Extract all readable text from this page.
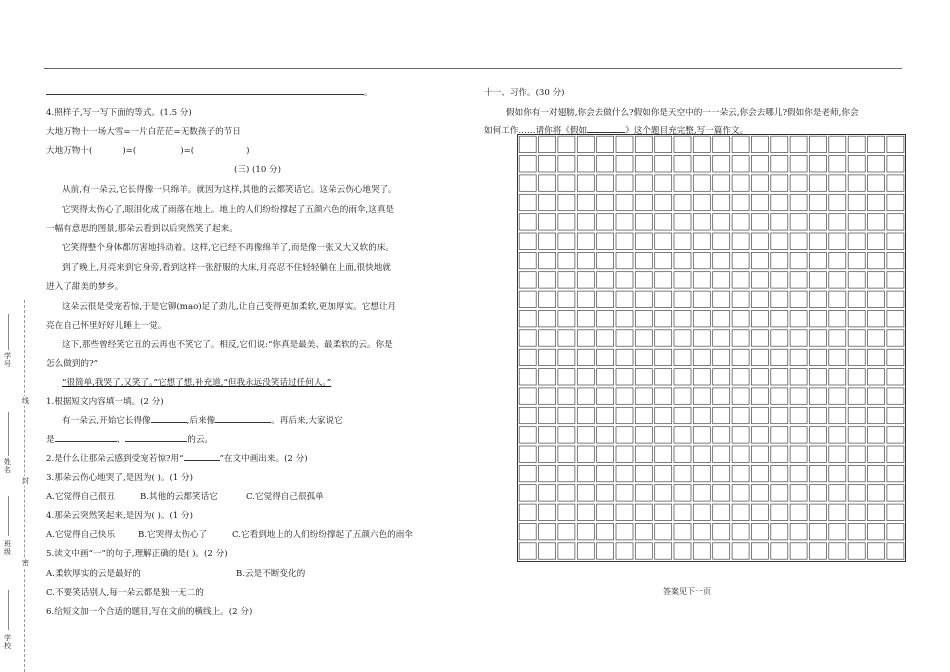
学号
姓名
班级
学校
线
封
密
。
4.照样子,写一写下面的等式。(1.5 分)
大地万物十一场大雪=一片白茫茫=无数孩子的节日
大地万物十(	)=(	)=(	)
(三) (10 分)
从前,有一朵云,它长得像一只绵羊。就因为这样,其他的云都笑话它。这朵云伤心地哭了。
它哭得太伤心了,眼泪化成了雨落在地上。地上的人们纷纷撑起了五颜六色的雨伞,这真是
一幅有意思的图景,那朵云看到以后突然笑了起来。
它笑得整个身体都厉害地抖动着。这样,它已经不再像绵羊了,而是像一张又大又软的床。
到了晚上,月亮来到它身旁,看到这样一张舒服的大床,月亮忍不住轻轻躺在上面,很快地就
进入了甜美的梦乡。
这朵云很是受宠若惊,于是它铆(mao)足了劲儿,让自己变得更加柔软,更加厚实。它想让月
亮在自己怀里好好儿睡上一觉。
这下,那些曾经笑它丑的云再也不笑它了。相反,它们说:“你真是最美、最柔软的云。你是
怎么做到的?”
“很简单,我哭了,又笑了。”它想了想,补充道,“但我永远没笑话过任何人。”
1.根据短文内容填一填。(2 分)
有一朵云,开始它长得像	,后来像	。再后来,大家说它
是	、	的云。
2.是什么让那朵云感到受宠若惊?用“	”在文中画出来。(2 分)
3.那朵云伤心地哭了,是因为( )。(1 分)
A.它觉得自己很丑	B.其他的云都笑话它	C.它觉得自己很孤单
4.那朵云突然笑起来,是因为( )。(1 分)
A.它觉得自己快乐	B.它哭得太伤心了	C.它看到地上的人们纷纷撑起了五颜六色的雨伞
5.读文中画“一”的句子,理解正确的是( )。(2 分)
A.柔软厚实的云是最好的	B.云是不断变化的
C.不要笑话别人,每一朵云都是独一无二的
6.给短文加一个合适的题目,写在文前的横线上。(2 分)
十一、习作。(30 分)
假如你有一对翅膀,你会去做什么?假如你是天空中的一一朵云,你会去哪儿?假如你是老师,你会
如何工作……请你将《假如	》这个题目充完整,写一篇作文。
答案见下一页
